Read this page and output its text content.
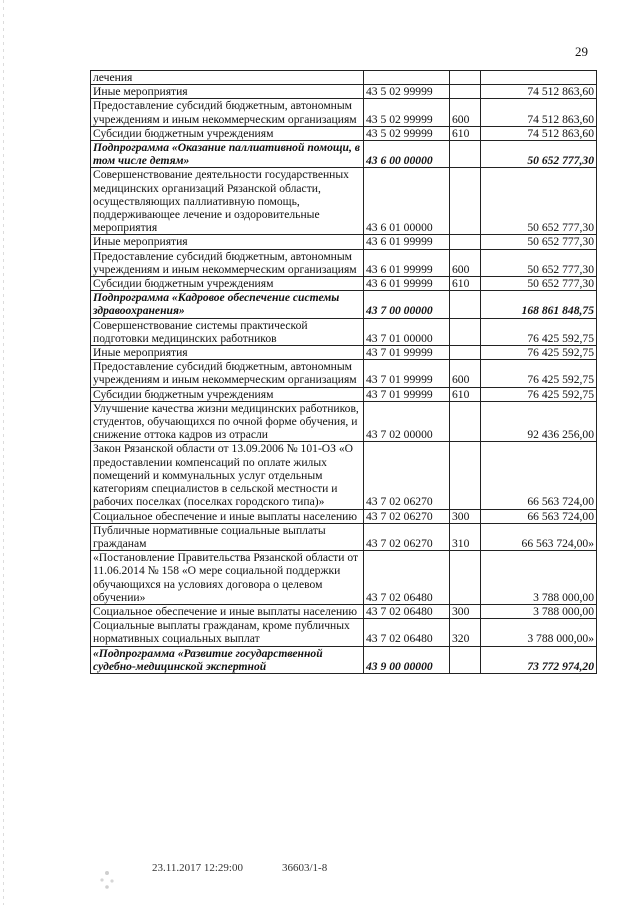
29
лечения			
Иные мероприятия	43 5 02 99999		74 512 863,60
Предоставление субсидий бюджетным, автономным учреждениям и иным некоммерческим организациям	43 5 02 99999	600	74 512 863,60
Субсидии бюджетным учреждениям	43 5 02 99999	610	74 512 863,60
Подпрограмма «Оказание паллиативной помощи, в том числе детям»	43 6 00 00000		50 652 777,30
Совершенствование деятельности государственных медицинских организаций Рязанской области, осуществляющих паллиативную помощь, поддерживающее лечение и оздоровительные мероприятия	43 6 01 00000		50 652 777,30
Иные мероприятия	43 6 01 99999		50 652 777,30
Предоставление субсидий бюджетным, автономным учреждениям и иным некоммерческим организациям	43 6 01 99999	600	50 652 777,30
Субсидии бюджетным учреждениям	43 6 01 99999	610	50 652 777,30
Подпрограмма «Кадровое обеспечение системы здравоохранения»	43 7 00 00000		168 861 848,75
Совершенствование системы практической подготовки медицинских работников	43 7 01 00000		76 425 592,75
Иные мероприятия	43 7 01 99999		76 425 592,75
Предоставление субсидий бюджетным, автономным учреждениям и иным некоммерческим организациям	43 7 01 99999	600	76 425 592,75
Субсидии бюджетным учреждениям	43 7 01 99999	610	76 425 592,75
Улучшение качества жизни медицинских работников, студентов, обучающихся по очной форме обучения, и снижение оттока кадров из отрасли	43 7 02 00000		92 436 256,00
Закон Рязанской области от 13.09.2006 № 101-ОЗ «О предоставлении компенсаций по оплате жилых помещений и коммунальных услуг отдельным категориям специалистов в сельской местности и рабочих поселках (поселках городского типа)»	43 7 02 06270		66 563 724,00
Социальное обеспечение и иные выплаты населению	43 7 02 06270	300	66 563 724,00
Публичные нормативные социальные выплаты гражданам	43 7 02 06270	310	66 563 724,00»
«Постановление Правительства Рязанской области от 11.06.2014 № 158 «О мере социальной поддержки обучающихся на условиях договора о целевом обучении»	43 7 02 06480		3 788 000,00
Социальное обеспечение и иные выплаты населению	43 7 02 06480	300	3 788 000,00
Социальные выплаты гражданам, кроме публичных нормативных социальных выплат	43 7 02 06480	320	3 788 000,00»
«Подпрограмма «Развитие государственной судебно-медицинской экспертной	43 9 00 00000		73 772 974,20
23.11.2017 12:29:00	36603/1-8
